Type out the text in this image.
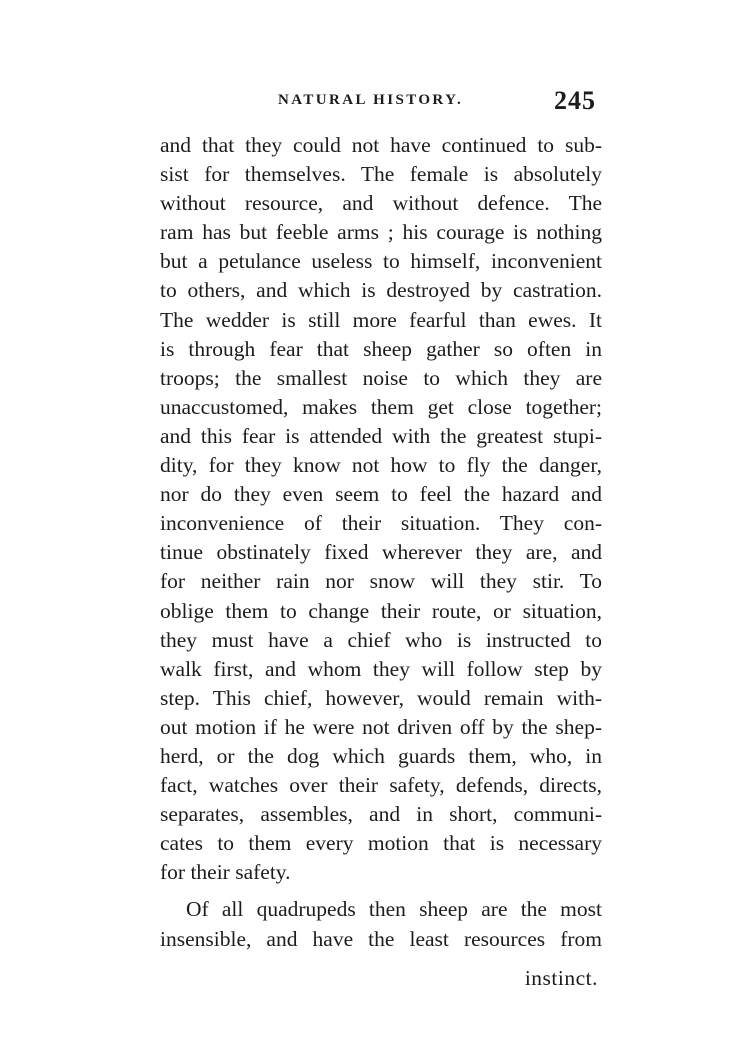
NATURAL HISTORY.	245
and that they could not have continued to sub-
sist for themselves. The female is absolutely
without resource, and without defence. The
ram has but feeble arms ; his courage is nothing
but a petulance useless to himself, inconvenient
to others, and which is destroyed by castration.
The wedder is still more fearful than ewes. It
is through fear that sheep gather so often in
troops; the smallest noise to which they are
unaccustomed, makes them get close together;
and this fear is attended with the greatest stupi-
dity, for they know not how to fly the danger,
nor do they even seem to feel the hazard and
inconvenience of their situation. They con-
tinue obstinately fixed wherever they are, and
for neither rain nor snow will they stir. To
oblige them to change their route, or situation,
they must have a chief who is instructed to
walk first, and whom they will follow step by
step. This chief, however, would remain with-
out motion if he were not driven off by the shep-
herd, or the dog which guards them, who, in
fact, watches over their safety, defends, directs,
separates, assembles, and in short, communi-
cates to them every motion that is necessary
for their safety.
Of all quadrupeds then sheep are the most
insensible, and have the least resources from
instinct.
